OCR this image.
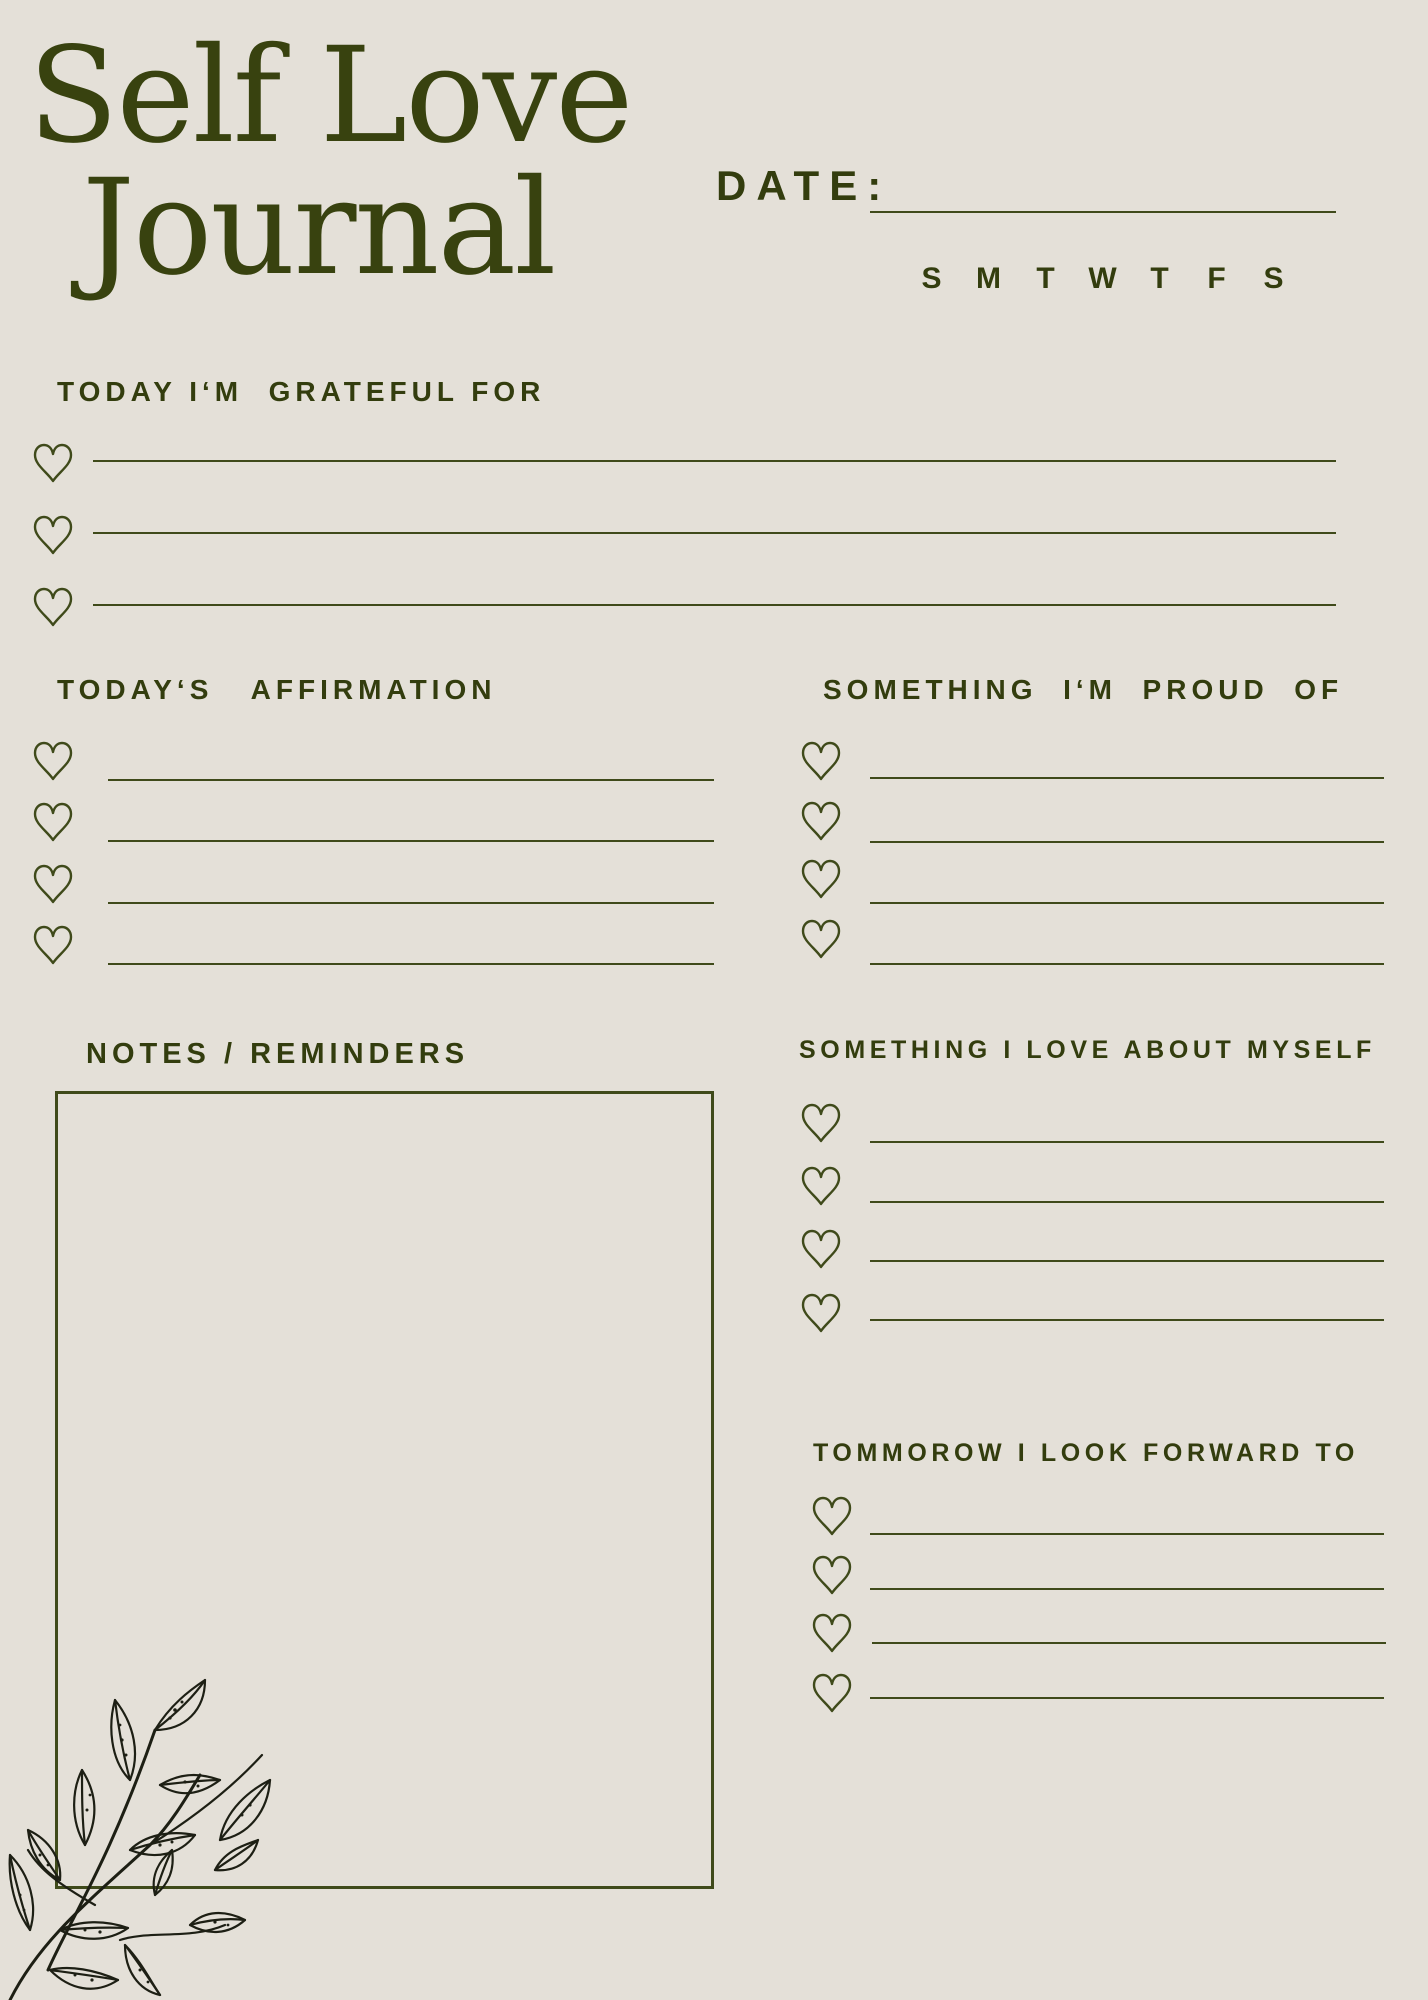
Self Love
Journal	DATE:
S	M	T	W	T	F	S
TODAY I‘M  GRATEFUL FOR
TODAY‘S   AFFIRMATION	SOMETHING  I‘M  PROUD  OF
NOTES / REMINDERS	SOMETHING I LOVE ABOUT MYSELF
TOMMOROW I LOOK FORWARD TO
